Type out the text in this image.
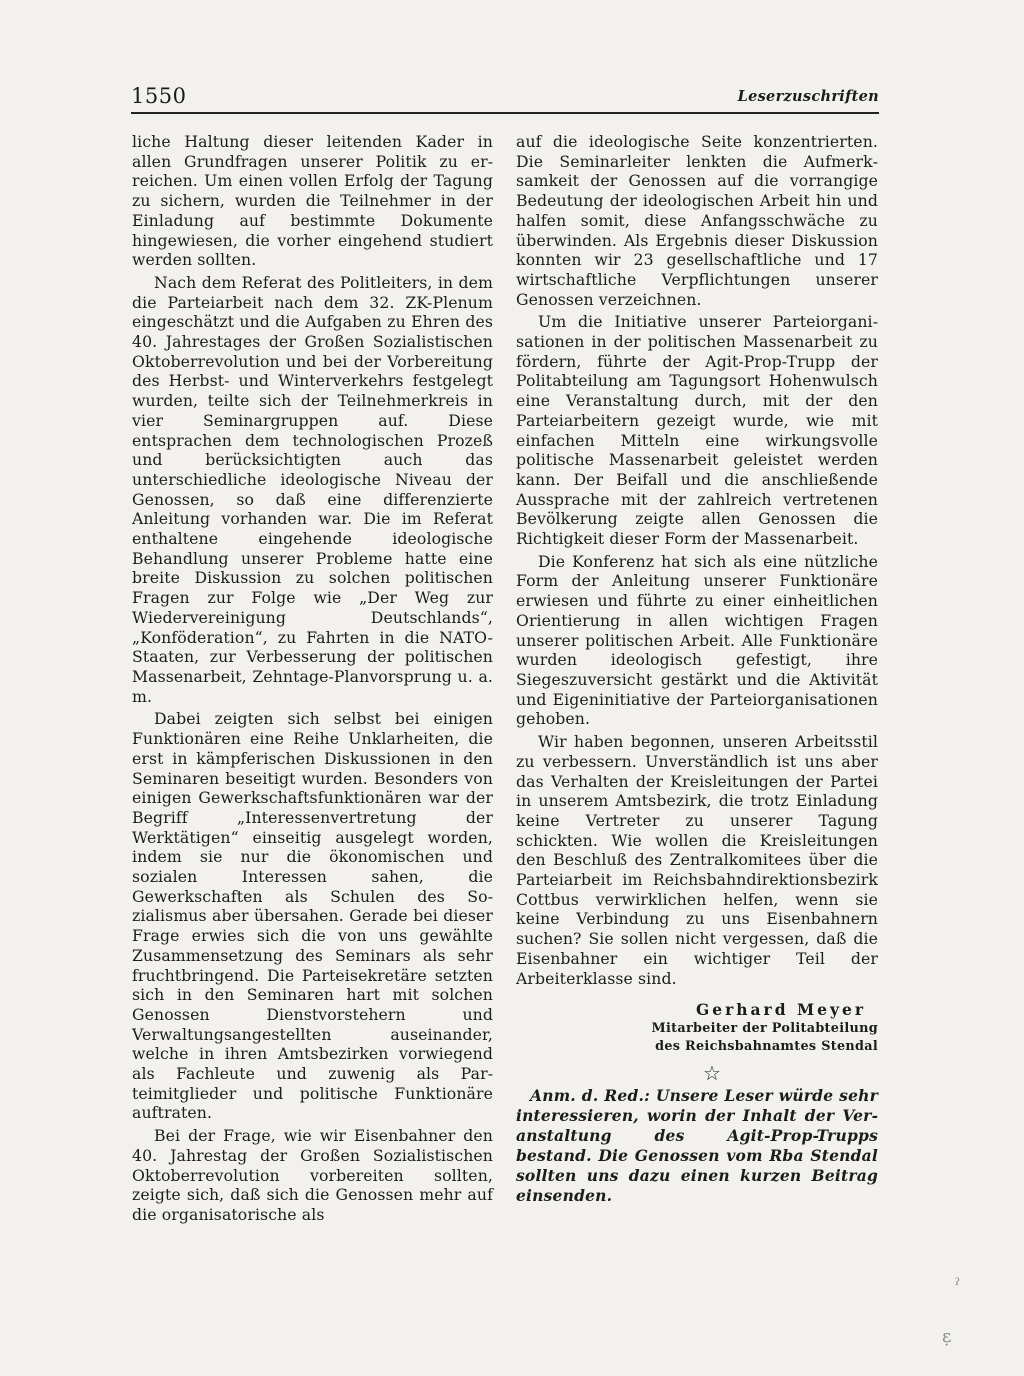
1550	Leserzuschriften

liche Haltung dieser leitenden Kader in allen Grundfragen unserer Politik zu erreichen. Um einen vollen Erfolg der Tagung zu sichern, wurden die Teilnehmer in der Einladung auf bestimmte Dokumente hingewiesen, die vorher eingehend studiert werden sollten.

Nach dem Referat des Politleiters, in dem die Parteiarbeit nach dem 32. ZK-Plenum eingeschätzt und die Aufgaben zu Ehren des 40. Jahrestages der Großen Sozialistischen Oktoberrevolution und bei der Vorbereitung des Herbst- und Winterverkehrs festgelegt wurden, teilte sich der Teilnehmerkreis in vier Seminargruppen auf. Diese entsprachen dem technologischen Prozeß und berücksichtigten auch das unterschiedliche ideologische Niveau der Genossen, so daß eine differenzierte Anleitung vorhanden war. Die im Referat enthaltene eingehende ideologische Behandlung unserer Probleme hatte eine breite Diskussion zu solchen politischen Fragen zur Folge wie „Der Weg zur Wiedervereinigung Deutschlands“, „Konföderation“, zu Fahrten in die NATO-Staaten, zur Verbesserung der politischen Massenarbeit, Zehntage-Planvorsprung u. a. m.

Dabei zeigten sich selbst bei einigen Funktionären eine Reihe Unklarheiten, die erst in kämpferischen Diskussionen in den Seminaren beseitigt wurden. Besonders von einigen Gewerkschaftsfunktionären war der Begriff „Interessenvertretung der Werktätigen“ einseitig ausgelegt worden, indem sie nur die ökonomischen und sozialen Interessen sahen, die Gewerkschaften als Schulen des Sozialismus aber übersahen. Gerade bei dieser Frage erwies sich die von uns gewählte Zusammensetzung des Seminars als sehr fruchtbringend. Die Parteisekretäre setzten sich in den Seminaren hart mit solchen Genossen Dienstvorstehern und Verwaltungsangestellten auseinander, welche in ihren Amtsbezirken vorwiegend als Fachleute und zuwenig als Parteimitglieder und politische Funktionäre auftraten.

Bei der Frage, wie wir Eisenbahner den 40. Jahrestag der Großen Sozialistischen Oktoberrevolution vorbereiten sollten, zeigte sich, daß sich die Genossen mehr auf die organisatorische als

auf die ideologische Seite konzentrierten. Die Seminarleiter lenkten die Aufmerksamkeit der Genossen auf die vorrangige Bedeutung der ideologischen Arbeit hin und halfen somit, diese Anfangsschwäche zu überwinden. Als Ergebnis dieser Diskussion konnten wir 23 gesellschaftliche und 17 wirtschaftliche Verpflichtungen unserer Genossen verzeichnen.

Um die Initiative unserer Parteiorganisationen in der politischen Massenarbeit zu fördern, führte der Agit-Prop-Trupp der Politabteilung am Tagungsort Hohenwulsch eine Veranstaltung durch, mit der den Parteiarbeitern gezeigt wurde, wie mit einfachen Mitteln eine wirkungsvolle politische Massenarbeit geleistet werden kann. Der Beifall und die anschließende Aussprache mit der zahlreich vertretenen Bevölkerung zeigte allen Genossen die Richtigkeit dieser Form der Massenarbeit.

Die Konferenz hat sich als eine nützliche Form der Anleitung unserer Funktionäre erwiesen und führte zu einer einheitlichen Orientierung in allen wichtigen Fragen unserer politischen Arbeit. Alle Funktionäre wurden ideologisch gefestigt, ihre Siegeszuversicht gestärkt und die Aktivität und Eigeninitiative der Parteiorganisationen gehoben.

Wir haben begonnen, unseren Arbeitsstil zu verbessern. Unverständlich ist uns aber das Verhalten der Kreisleitungen der Partei in unserem Amtsbezirk, die trotz Einladung keine Vertreter zu unserer Tagung schickten. Wie wollen die Kreisleitungen den Beschluß des Zentralkomitees über die Parteiarbeit im Reichsbahndirektionsbezirk Cottbus verwirklichen helfen, wenn sie keine Verbindung zu uns Eisenbahnern suchen? Sie sollen nicht vergessen, daß die Eisenbahner ein wichtiger Teil der Arbeiterklasse sind.

Gerhard Meyer
Mitarbeiter der Politabteilung
des Reichsbahnamtes Stendal
☆

Anm. d. Red.: Unsere Leser würde sehr interessieren, worin der Inhalt der Veranstaltung des Agit-Prop-Trupps bestand. Die Genossen vom Rba Stendal sollten uns dazu einen kurzen Beitrag einsenden.

ˀ
ɛ̣
